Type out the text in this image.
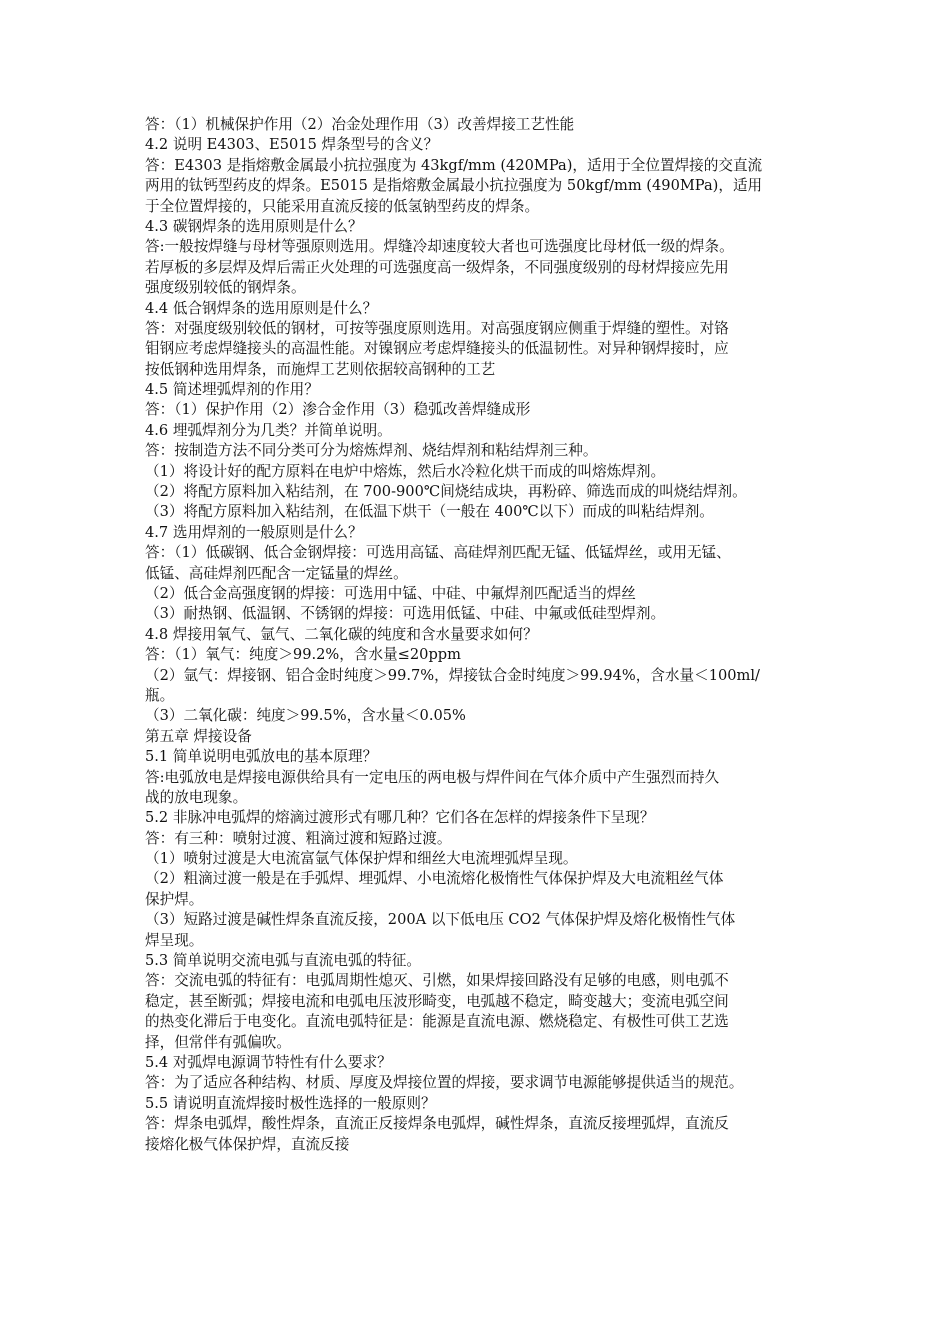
答：（1）机械保护作用（2）冶金处理作用（3）改善焊接工艺性能
4.2 说明 E4303、E5015 焊条型号的含义？
答：E4303 是指熔敷金属最小抗拉强度为 43kgf/mm (420MPa)，适用于全位置焊接的交直流
两用的钛钙型药皮的焊条。E5015 是指熔敷金属最小抗拉强度为 50kgf/mm (490MPa)，适用
于全位置焊接的，只能采用直流反接的低氢钠型药皮的焊条。
4.3 碳钢焊条的选用原则是什么？
答:一般按焊缝与母材等强原则选用。焊缝冷却速度较大者也可选强度比母材低一级的焊条。
若厚板的多层焊及焊后需正火处理的可选强度高一级焊条，不同强度级别的母材焊接应先用
强度级别较低的钢焊条。
4.4 低合钢焊条的选用原则是什么？
答：对强度级别较低的钢材，可按等强度原则选用。对高强度钢应侧重于焊缝的塑性。对铬
钼钢应考虑焊缝接头的高温性能。对镍钢应考虑焊缝接头的低温韧性。对异种钢焊接时，应
按低钢种选用焊条，而施焊工艺则依据较高钢种的工艺
4.5 简述埋弧焊剂的作用？
答：（1）保护作用（2）渗合金作用（3）稳弧改善焊缝成形
4.6 埋弧焊剂分为几类？并简单说明。
答：按制造方法不同分类可分为熔炼焊剂、烧结焊剂和粘结焊剂三种。
（1）将设计好的配方原料在电炉中熔炼，然后水冷粒化烘干而成的叫熔炼焊剂。
（2）将配方原料加入粘结剂，在 700-900℃间烧结成块，再粉碎、筛选而成的叫烧结焊剂。
（3）将配方原料加入粘结剂，在低温下烘干（一般在 400℃以下）而成的叫粘结焊剂。
4.7 选用焊剂的一般原则是什么？
答：（1）低碳钢、低合金钢焊接：可选用高锰、高硅焊剂匹配无锰、低锰焊丝，或用无锰、
低锰、高硅焊剂匹配含一定锰量的焊丝。
（2）低合金高强度钢的焊接：可选用中锰、中硅、中氟焊剂匹配适当的焊丝
（3）耐热钢、低温钢、不锈钢的焊接：可选用低锰、中硅、中氟或低硅型焊剂。
4.8 焊接用氧气、氩气、二氧化碳的纯度和含水量要求如何？
答：（1）氧气：纯度＞99.2%，含水量≤20ppm
（2）氩气：焊接钢、铝合金时纯度＞99.7%，焊接钛合金时纯度＞99.94%，含水量＜100ml/
瓶。
（3）二氧化碳：纯度＞99.5%，含水量＜0.05%
第五章 焊接设备
5.1 简单说明电弧放电的基本原理？
答:电弧放电是焊接电源供给具有一定电压的两电极与焊件间在气体介质中产生强烈而持久
战的放电现象。
5.2 非脉冲电弧焊的熔滴过渡形式有哪几种？它们各在怎样的焊接条件下呈现？
答：有三种：喷射过渡、粗滴过渡和短路过渡。
（1）喷射过渡是大电流富氩气体保护焊和细丝大电流埋弧焊呈现。
（2）粗滴过渡一般是在手弧焊、埋弧焊、小电流熔化极惰性气体保护焊及大电流粗丝气体
保护焊。
（3）短路过渡是碱性焊条直流反接，200A 以下低电压 CO2 气体保护焊及熔化极惰性气体
焊呈现。
5.3 简单说明交流电弧与直流电弧的特征。
答：交流电弧的特征有：电弧周期性熄灭、引燃，如果焊接回路没有足够的电感，则电弧不
稳定，甚至断弧；焊接电流和电弧电压波形畸变，电弧越不稳定，畸变越大；变流电弧空间
的热变化滞后于电变化。直流电弧特征是：能源是直流电源、燃烧稳定、有极性可供工艺选
择，但常伴有弧偏吹。
5.4 对弧焊电源调节特性有什么要求？
答：为了适应各种结构、材质、厚度及焊接位置的焊接，要求调节电源能够提供适当的规范。
5.5 请说明直流焊接时极性选择的一般原则？
答：焊条电弧焊，酸性焊条，直流正反接焊条电弧焊，碱性焊条，直流反接埋弧焊，直流反
接熔化极气体保护焊，直流反接
